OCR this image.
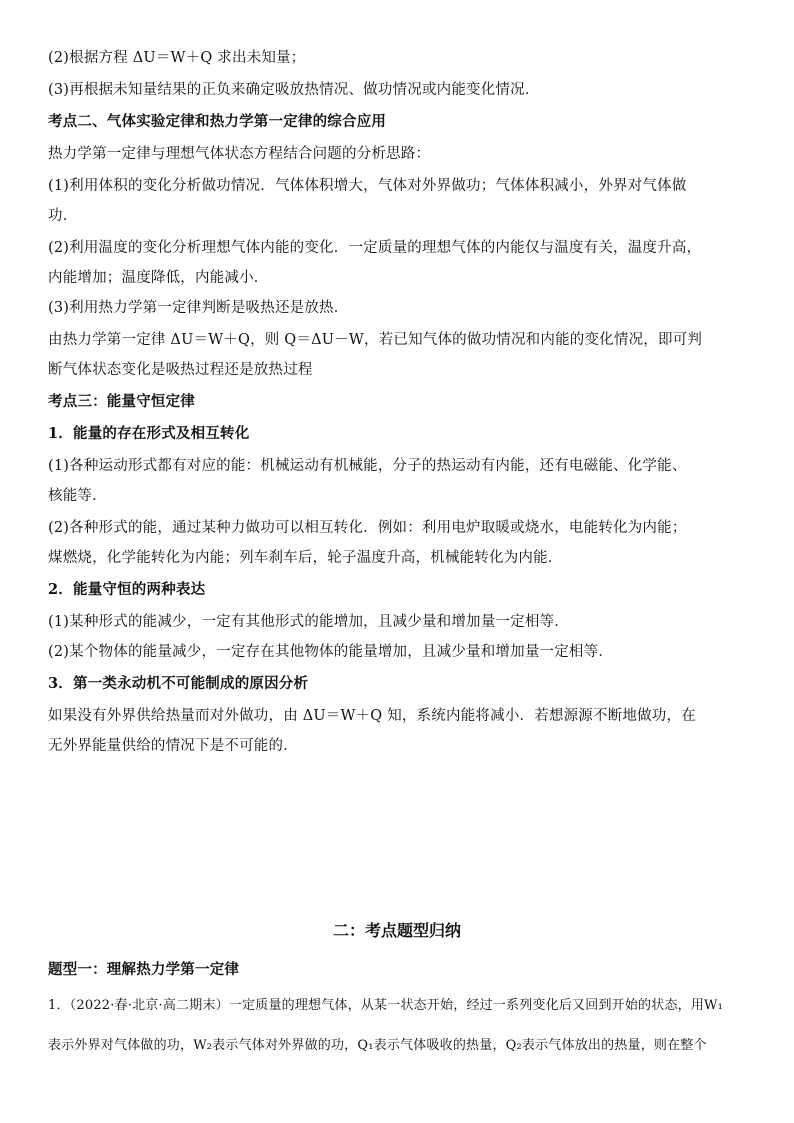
(2)根据方程 ΔU＝W＋Q 求出未知量；
(3)再根据未知量结果的正负来确定吸放热情况、做功情况或内能变化情况．
考点二、气体实验定律和热力学第一定律的综合应用
热力学第一定律与理想气体状态方程结合问题的分析思路：
(1)利用体积的变化分析做功情况．气体体积增大，气体对外界做功；气体体积减小，外界对气体做
功．
(2)利用温度的变化分析理想气体内能的变化．一定质量的理想气体的内能仅与温度有关，温度升高，
内能增加；温度降低，内能减小．
(3)利用热力学第一定律判断是吸热还是放热．
由热力学第一定律 ΔU＝W＋Q，则 Q＝ΔU－W，若已知气体的做功情况和内能的变化情况，即可判
断气体状态变化是吸热过程还是放热过程
考点三：能量守恒定律
1．能量的存在形式及相互转化
(1)各种运动形式都有对应的能：机械运动有机械能，分子的热运动有内能，还有电磁能、化学能、
核能等．
(2)各种形式的能，通过某种力做功可以相互转化．例如：利用电炉取暖或烧水，电能转化为内能；
煤燃烧，化学能转化为内能；列车刹车后，轮子温度升高，机械能转化为内能．
2．能量守恒的两种表达
(1)某种形式的能减少，一定有其他形式的能增加，且减少量和增加量一定相等．
(2)某个物体的能量减少，一定存在其他物体的能量增加，且减少量和增加量一定相等．
3．第一类永动机不可能制成的原因分析
如果没有外界供给热量而对外做功，由 ΔU＝W＋Q 知，系统内能将减小．若想源源不断地做功，在
无外界能量供给的情况下是不可能的．
二：考点题型归纳
题型一：理解热力学第一定律
1．（2022·春·北京·高二期末）一定质量的理想气体，从某一状态开始，经过一系列变化后又回到开始的状态，用W₁
表示外界对气体做的功，W₂表示气体对外界做的功，Q₁表示气体吸收的热量，Q₂表示气体放出的热量，则在整个
